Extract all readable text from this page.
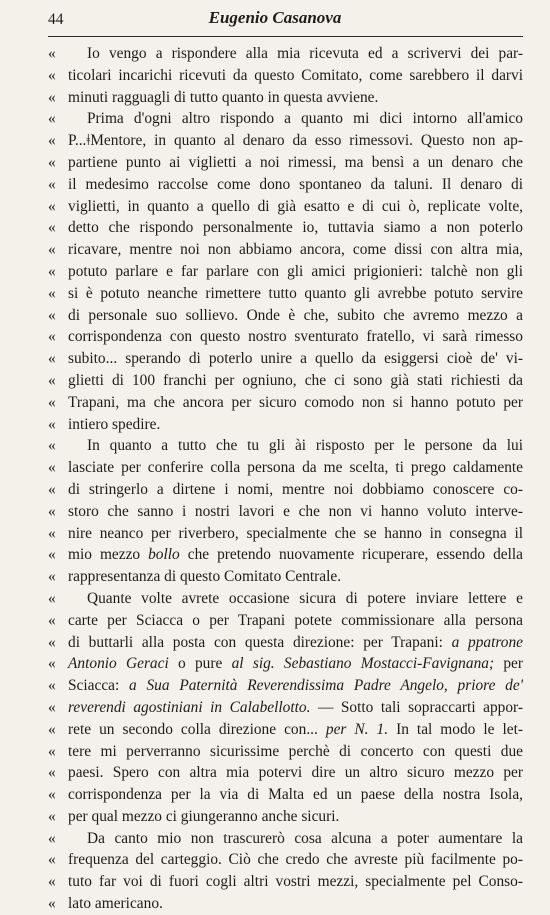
44	Eugenio Casanova
«	Io vengo a rispondere alla mia ricevuta ed a scrivervi dei par-
« ticolari incarichi ricevuti da questo Comitato, come sarebbero il darvi
« minuti ragguagli di tutto quanto in questa avviene.
«	Prima d'ogni altro rispondo a quanto mi dici intorno all'amico
« P...ǂMentore, in quanto al denaro da esso rimessovi. Questo non ap-
« partiene punto ai viglietti a noi rimessi, ma bensì a un denaro che
« il medesimo raccolse come dono spontaneo da taluni. Il denaro di
« viglietti, in quanto a quello di già esatto e di cui ò, replicate volte,
« detto che rispondo personalmente io, tuttavia siamo a non poterlo
« ricavare, mentre noi non abbiamo ancora, come dissi con altra mia,
« potuto parlare e far parlare con gli amici prigionieri: talchè non gli
« si è potuto neanche rimettere tutto quanto gli avrebbe potuto servire
« di personale suo sollievo. Onde è che, subito che avremo mezzo a
« corrispondenza con questo nostro sventurato fratello, vi sarà rimesso
« subito... sperando di poterlo unire a quello da esiggersi cioè de' vi-
« glietti di 100 franchi per ogniuno, che ci sono già stati richiesti da
« Trapani, ma che ancora per sicuro comodo non si hanno potuto per
« intiero spedire.
«	In quanto a tutto che tu gli ài risposto per le persone da lui
« lasciate per conferire colla persona da me scelta, ti prego caldamente
« di stringerlo a dirtene i nomi, mentre noi dobbiamo conoscere co-
« storo che sanno i nostri lavori e che non vi hanno voluto interve-
« nire neanco per riverbero, specialmente che se hanno in consegna il
« mio mezzo bollo che pretendo nuovamente ricuperare, essendo della
« rappresentanza di questo Comitato Centrale.
«	Quante volte avrete occasione sicura di potere inviare lettere e
« carte per Sciacca o per Trapani potete commissionare alla persona
« di buttarli alla posta con questa direzione: per Trapani: a ppatrone
« Antonio Geraci o pure al sig. Sebastiano Mostacci-Favignana; per
« Sciacca: a Sua Paternità Reverendissima Padre Angelo, priore de'
« reverendi agostiniani in Calabellotto. — Sotto tali sopraccarti appor-
« rete un secondo colla direzione con... per N. 1. In tal modo le let-
« tere mi perverranno sicurissime perchè di concerto con questi due
« paesi. Spero con altra mia potervi dire un altro sicuro mezzo per
« corrispondenza per la via di Malta ed un paese della nostra Isola,
« per qual mezzo ci giungeranno anche sicuri.
«	Da canto mio non trascurerò cosa alcuna a poter aumentare la
« frequenza del carteggio. Ciò che credo che avreste più facilmente po-
« tuto far voi di fuori cogli altri vostri mezzi, specialmente pel Conso-
« lato americano.
